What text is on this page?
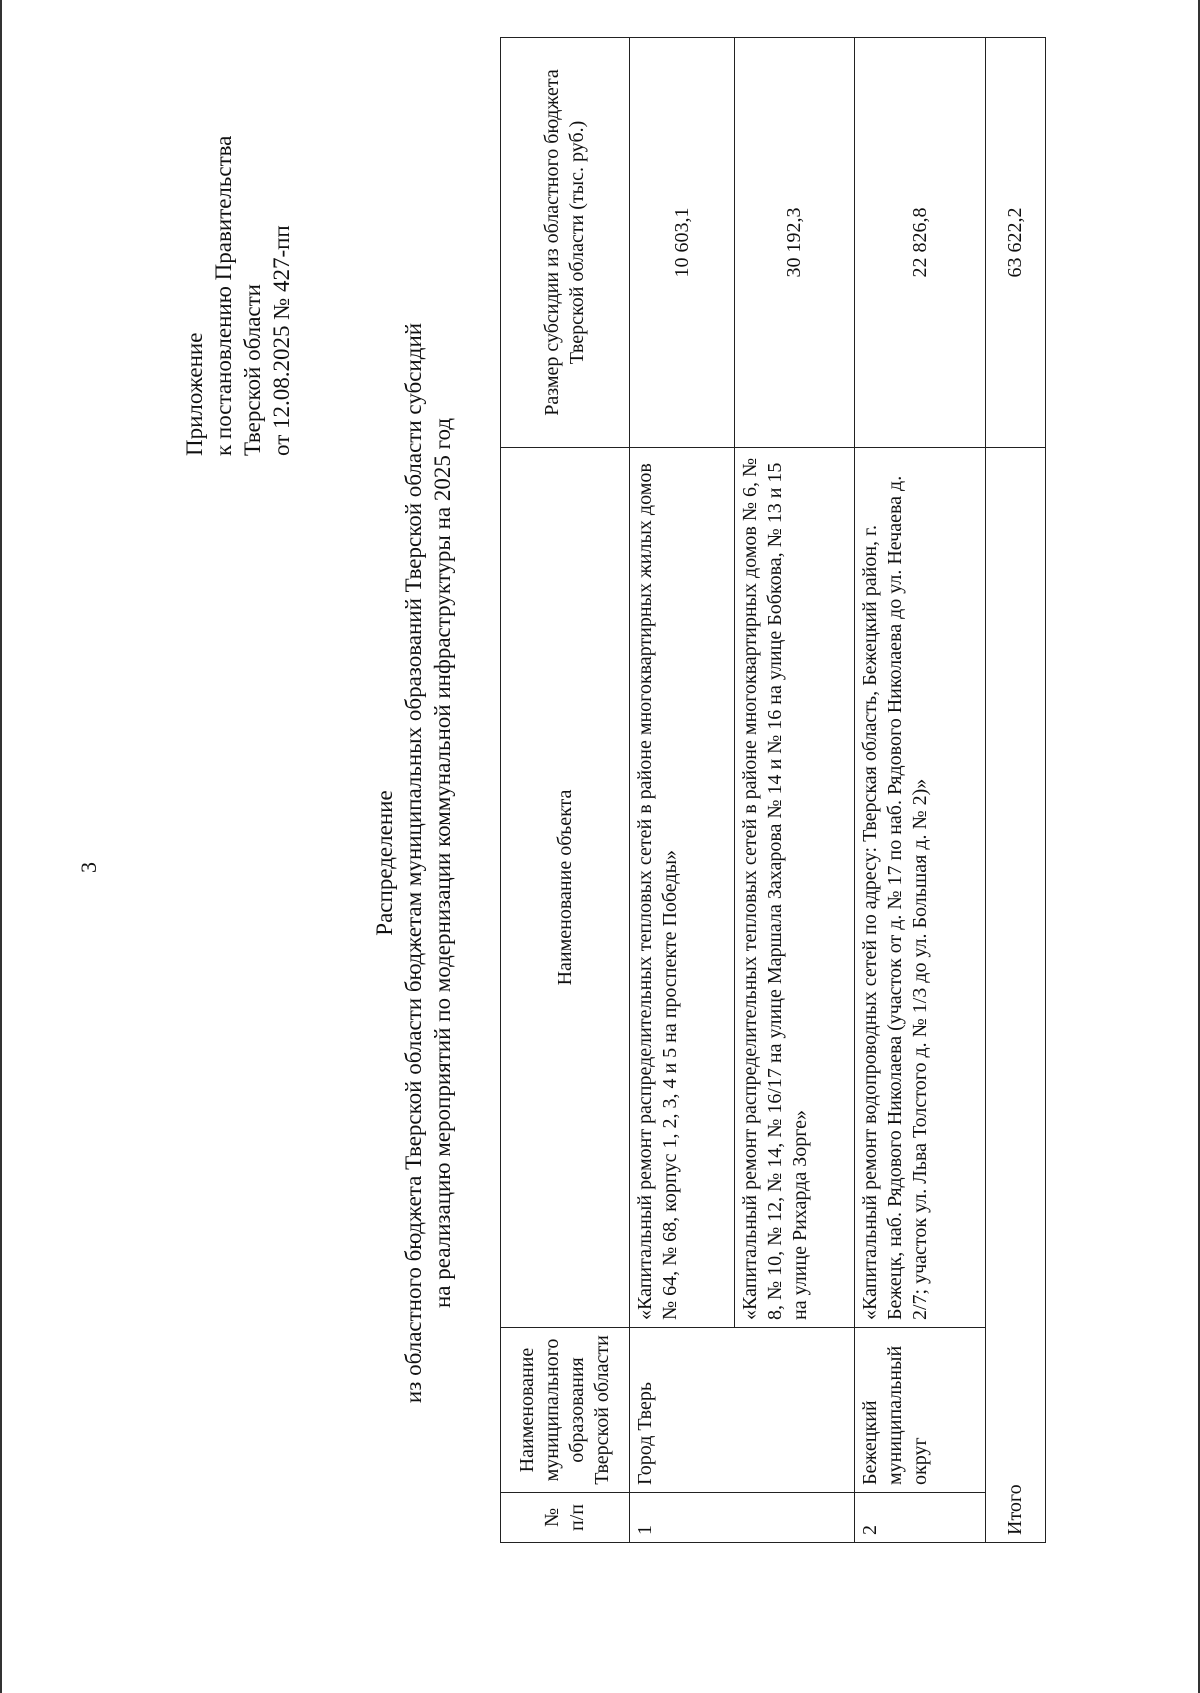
3
Приложение к постановлению Правительства Тверской области от 12.08.2025 № 427-пп
Распределение из областного бюджета Тверской области бюджетам муниципальных образований Тверской области субсидий на реализацию мероприятий по модернизации коммунальной инфраструктуры на 2025 год
№ п/п	Наименование муниципального образования Тверской области	Наименование объекта	Размер субсидии из областного бюджета Тверской области (тыс. руб.)
1	Город Тверь	«Капитальный ремонт распределительных тепловых сетей в районе многоквартирных жилых домов № 64, № 68, корпус 1, 2, 3, 4 и 5 на проспекте Победы»	10 603,1
		«Капитальный ремонт распределительных тепловых сетей в районе многоквартирных домов № 6, № 8, № 10, № 12, № 14, № 16/17 на улице Маршала Захарова № 14 и № 16 на улице Бобкова, № 13 и 15 на улице Рихарда Зорге»	30 192,3
2	Бежецкий муниципальный округ	«Капитальный ремонт водопроводных сетей по адресу: Тверская область, Бежецкий район, г. Бежецк, наб. Рядового Николаева (участок от д. № 17 по наб. Рядового Николаева до ул. Нечаева д. 2/7; участок ул. Льва Толстого д. № 1/3 до ул. Большая д. № 2)»	22 826,8
Итого			63 622,2
